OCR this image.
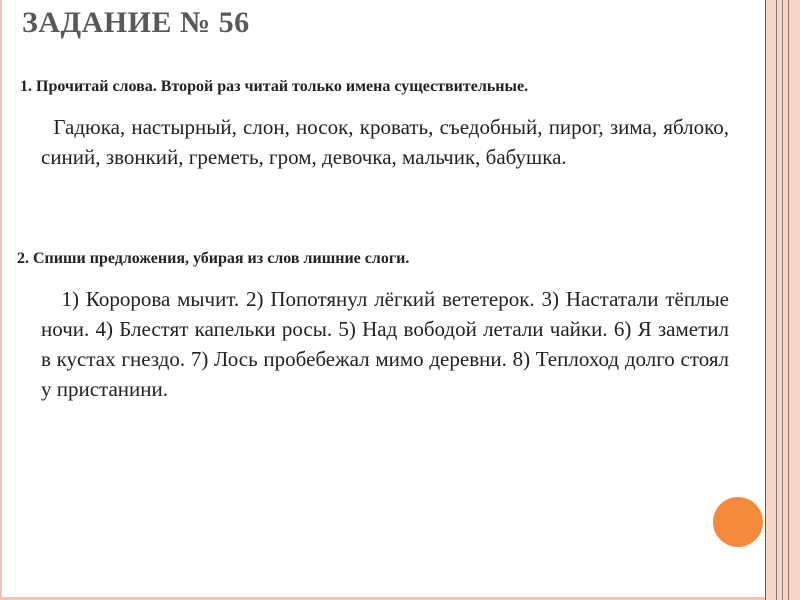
ЗАДАНИЕ № 56
1. Прочитай слова. Второй раз читай только имена существительные.
Гадюка, настырный, слон, носок, кровать, съедобный, пирог, зима, яблоко, синий, звонкий, греметь, гром, девочка, мальчик, бабушка.
2. Спиши предложения, убирая из слов лишние слоги.
1) Коророва мычит. 2) Попотянул лёгкий вететерок. 3) Настатали тёплые ночи. 4) Блестят капельки росы. 5) Над вободой летали чайки. 6) Я заметил в кустах гнездо. 7) Лось пробебежал мимо деревни. 8) Теплоход долго стоял у пристанини.
